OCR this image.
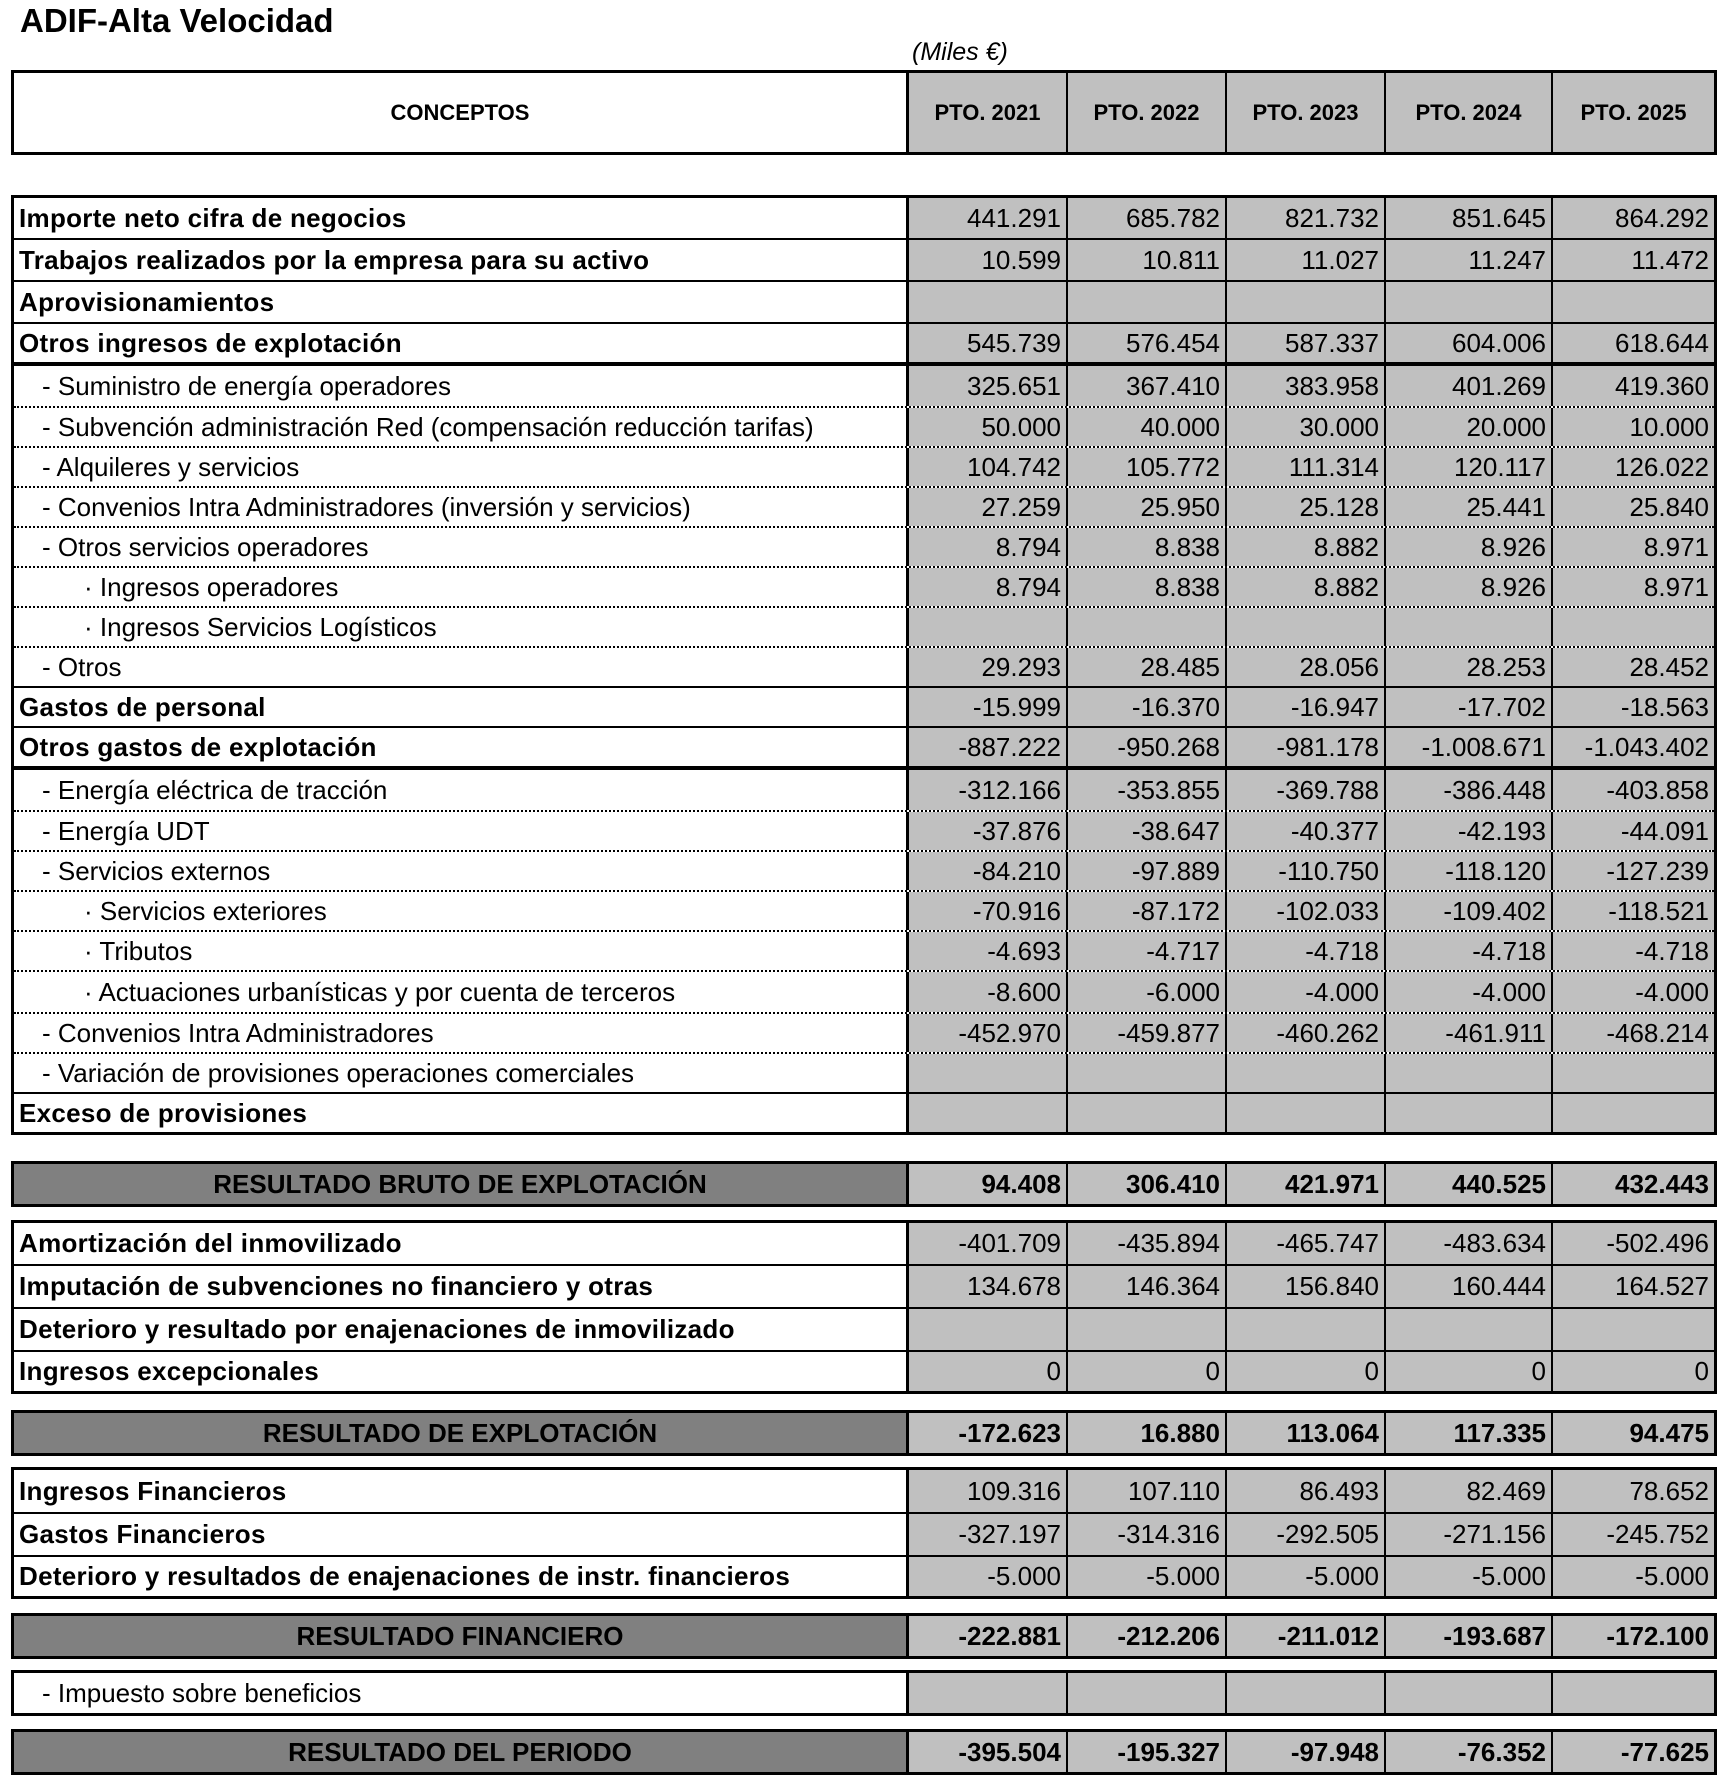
ADIF-Alta Velocidad
(Miles €)
CONCEPTOS	PTO. 2021	PTO. 2022	PTO. 2023	PTO. 2024	PTO. 2025
Importe neto cifra de negocios	441.291	685.782	821.732	851.645	864.292
Trabajos realizados por la empresa para su activo	10.599	10.811	11.027	11.247	11.472
Aprovisionamientos
Otros ingresos de explotación	545.739	576.454	587.337	604.006	618.644
- Suministro de energía operadores	325.651	367.410	383.958	401.269	419.360
- Subvención administración Red (compensación reducción tarifas)	50.000	40.000	30.000	20.000	10.000
- Alquileres y servicios	104.742	105.772	111.314	120.117	126.022
- Convenios Intra Administradores (inversión y servicios)	27.259	25.950	25.128	25.441	25.840
- Otros servicios operadores	8.794	8.838	8.882	8.926	8.971
· Ingresos operadores	8.794	8.838	8.882	8.926	8.971
· Ingresos Servicios Logísticos
- Otros	29.293	28.485	28.056	28.253	28.452
Gastos de personal	-15.999	-16.370	-16.947	-17.702	-18.563
Otros gastos de explotación	-887.222	-950.268	-981.178	-1.008.671	-1.043.402
- Energía eléctrica de tracción	-312.166	-353.855	-369.788	-386.448	-403.858
- Energía UDT	-37.876	-38.647	-40.377	-42.193	-44.091
- Servicios externos	-84.210	-97.889	-110.750	-118.120	-127.239
· Servicios exteriores	-70.916	-87.172	-102.033	-109.402	-118.521
· Tributos	-4.693	-4.717	-4.718	-4.718	-4.718
· Actuaciones urbanísticas y por cuenta de terceros	-8.600	-6.000	-4.000	-4.000	-4.000
- Convenios Intra Administradores	-452.970	-459.877	-460.262	-461.911	-468.214
- Variación de provisiones operaciones comerciales
Exceso de provisiones
RESULTADO BRUTO DE EXPLOTACIÓN	94.408	306.410	421.971	440.525	432.443
Amortización del inmovilizado	-401.709	-435.894	-465.747	-483.634	-502.496
Imputación de subvenciones no financiero y otras	134.678	146.364	156.840	160.444	164.527
Deterioro y resultado por enajenaciones de inmovilizado
Ingresos excepcionales	0	0	0	0	0
RESULTADO DE EXPLOTACIÓN	-172.623	16.880	113.064	117.335	94.475
Ingresos Financieros	109.316	107.110	86.493	82.469	78.652
Gastos Financieros	-327.197	-314.316	-292.505	-271.156	-245.752
Deterioro y resultados de enajenaciones de instr. financieros	-5.000	-5.000	-5.000	-5.000	-5.000
RESULTADO FINANCIERO	-222.881	-212.206	-211.012	-193.687	-172.100
- Impuesto sobre beneficios
RESULTADO DEL PERIODO	-395.504	-195.327	-97.948	-76.352	-77.625
